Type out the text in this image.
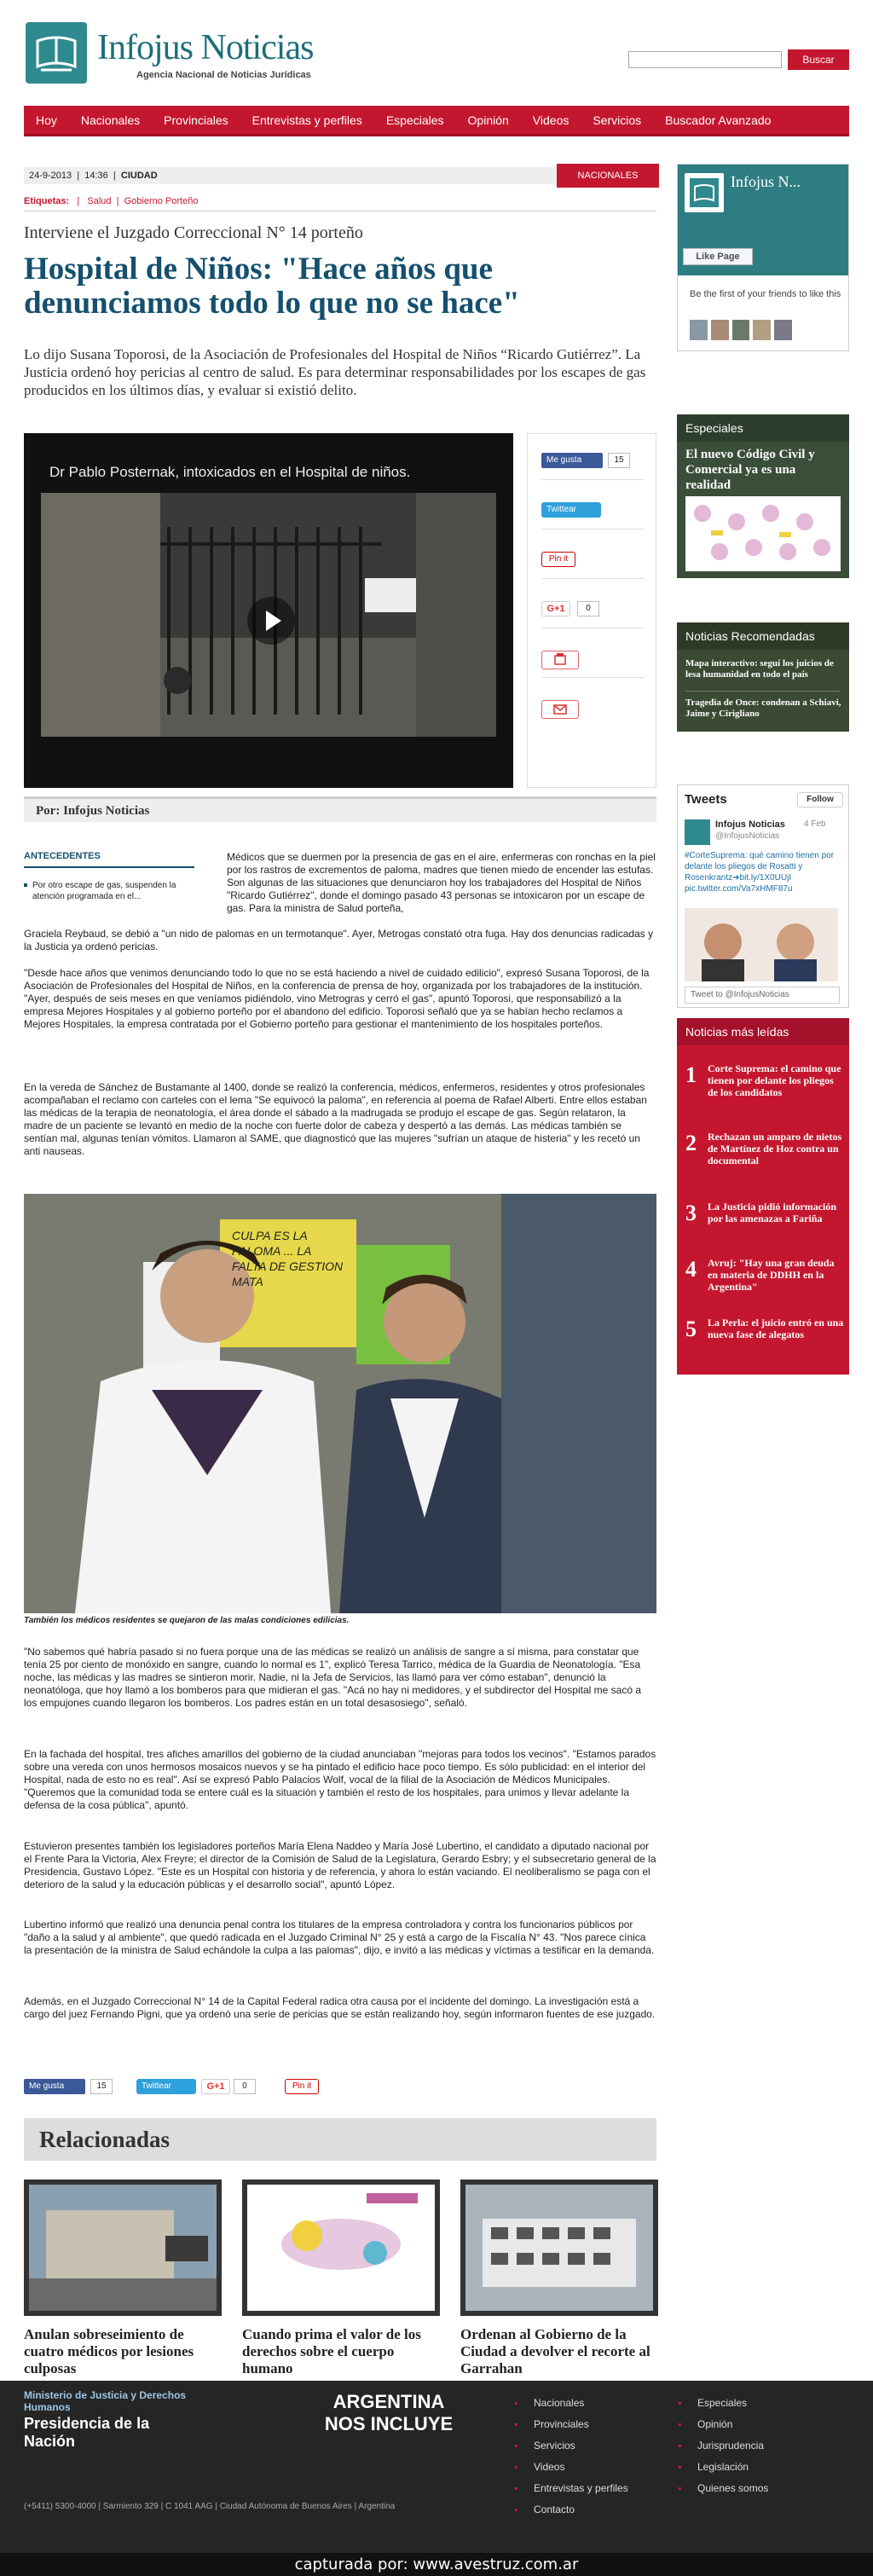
Infojus Noticias
Agencia Nacional de Noticias Jurídicas
Buscar
Hoy	Nacionales	Provinciales	Entrevistas y perfiles	Especiales	Opinión	Videos	Servicios	Buscador Avanzado
24-9-2013  |  14:36  |  CIUDAD	NACIONALES
Etiquetas:   |   Salud  |  Gobierno Porteño
Interviene el Juzgado Correccional N° 14 porteño
Hospital de Niños: "Hace años que denunciamos todo lo que no se hace"

Lo dijo Susana Toporosi, de la Asociación de Profesionales del Hospital de Niños “Ricardo Gutiérrez”. La Justicia ordenó hoy pericias al centro de salud. Es para determinar responsabilidades por los escapes de gas producidos en los últimos días, y evaluar si existió delito.

Dr Pablo Posternak, intoxicados en el Hospital de niños.
Me gusta	15
Twittear
Pin it
G+1	0
Por: Infojus Noticias
ANTECEDENTES
Por otro escape de gas, suspenden la atención programada en el...

Médicos que se duermen por la presencia de gas en el aire, enfermeras con ronchas en la piel por los rastros de excrementos de paloma, madres que tienen miedo de encender las estufas. Son algunas de las situaciones que denunciaron hoy los trabajadores del Hospital de Niños "Ricardo Gutiérrez", donde el domingo pasado 43 personas se intoxicaron por un escape de gas. Para la ministra de Salud porteña,

Graciela Reybaud, se debió a "un nido de palomas en un termotanque". Ayer, Metrogas constató otra fuga. Hay dos denuncias radicadas y la Justicia ya ordenó pericias.

"Desde hace años que venimos denunciando todo lo que no se está haciendo a nivel de cuidado edilicio", expresó Susana Toporosi, de la Asociación de Profesionales del Hospital de Niños, en la conferencia de prensa de hoy, organizada por los trabajadores de la institución. "Ayer, después de seis meses en que veníamos pidiéndolo, vino Metrogras y cerró el gas", apuntó Toporosi, que responsabilizó a la empresa Mejores Hospitales y al gobierno porteño por el abandono del edificio. Toporosi señaló que ya se habían hecho reclamos a Mejores Hospitales, la empresa contratada por el Gobierno porteño para gestionar el mantenimiento de los hospitales porteños.

En la vereda de Sánchez de Bustamante al 1400, donde se realizó la conferencia, médicos, enfermeros, residentes y otros profesionales acompañaban el reclamo con carteles con el lema "Se equivocó la paloma", en referencia al poema de Rafael Alberti. Entre ellos estaban las médicas de la terapia de neonatología, el área donde el sábado a la madrugada se produjo el escape de gas. Según relataron, la madre de un paciente se levantó en medio de la noche con fuerte dolor de cabeza y despertó a las demás. Las médicas también se sentían mal, algunas tenían vómitos. Llamaron al SAME, que diagnosticó que las mujeres "sufrían un ataque de histeria" y les recetó un anti nauseas.

CULPA ES LA PALOMA ... LA FALTA DE GESTION MATA
También los médicos residentes se quejaron de las malas condiciones edilicias.

"No sabemos qué habría pasado si no fuera porque una de las médicas se realizó un análisis de sangre a sí misma, para constatar que tenía 25 por ciento de monóxido en sangre, cuando lo normal es 1", explicó Teresa Tarrico, médica de la Guardia de Neonatología. "Esa noche, las médicas y las madres se sintieron morir. Nadie, ni la Jefa de Servicios, las llamó para ver cómo estaban", denunció la neonatóloga, que hoy llamó a los bomberos para que midieran el gas. "Acá no hay ni medidores, y el subdirector del Hospital me sacó a los empujones cuando llegaron los bomberos. Los padres están en un total desasosiego", señaló.

En la fachada del hospital, tres afiches amarillos del gobierno de la ciudad anunciaban "mejoras para todos los vecinos". "Estamos parados sobre una vereda con unos hermosos mosaicos nuevos y se ha pintado el edificio hace poco tiempo. Es sólo publicidad: en el interior del Hospital, nada de esto no es real". Así se expresó Pablo Palacios Wolf, vocal de la filial de la Asociación de Médicos Municipales. "Queremos que la comunidad toda se entere cuál es la situación y también el resto de los hospitales, para unimos y llevar adelante la defensa de la cosa pública", apuntó.

Estuvieron presentes también los legisladores porteños María Elena Naddeo y María José Lubertino, el candidato a diputado nacional por el Frente Para la Victoria, Alex Freyre; el director de la Comisión de Salud de la Legislatura, Gerardo Esbry; y el subsecretario general de la Presidencia, Gustavo López. "Este es un Hospital con historia y de referencia, y ahora lo están vaciando. El neoliberalismo se paga con el deterioro de la salud y la educación públicas y el desarrollo social", apuntó López.

Lubertino informó que realizó una denuncia penal contra los titulares de la empresa controladora y contra los funcionarios públicos por "daño a la salud y al ambiente", que quedó radicada en el Juzgado Criminal N° 25 y está a cargo de la Fiscalía N° 43. "Nos parece cínica la presentación de la ministra de Salud echándole la culpa a las palomas", dijo, e invitó a las médicas y víctimas a testificar en la demanda.

Además, en el Juzgado Correccional N° 14 de la Capital Federal radica otra causa por el incidente del domingo. La investigación está a cargo del juez Fernando Pigni, que ya ordenó una serie de pericias que se están realizando hoy, según informaron fuentes de ese juzgado.

Me gusta	15	Twittear	G+1	0	Pin it
Relacionadas
Anulan sobreseimiento de cuatro médicos por lesiones culposas
Cuando prima el valor de los derechos sobre el cuerpo humano
Ordenan al Gobierno de la Ciudad a devolver el recorte al Garrahan
Infojus N...
Like Page
Be the first of your friends to like this
Especiales
El nuevo Código Civil y Comercial ya es una realidad
Noticias Recomendadas
Mapa interactivo: seguí los juicios de lesa humanidad en todo el país
Tragedia de Once: condenan a Schiavi, Jaime y Cirigliano
Tweets	Follow
Infojus Noticias 4 Feb
@InfojusNoticias
#CorteSuprema: qué camino tienen por delante los pliegos de Rosatti y Rosenkrantz➔bit.ly/1X0UUjI pic.twitter.com/Va7xHMF87u
Tweet to @InfojusNoticias
Noticias más leídas
1 Corte Suprema: el camino que tienen por delante los pliegos de los candidatos
2 Rechazan un amparo de nietos de Martínez de Hoz contra un documental
3 La Justicia pidió información por las amenazas a Fariña
4 Avruj: "Hay una gran deuda en materia de DDHH en la Argentina"
5 La Perla: el juicio entró en una nueva fase de alegatos
Ministerio de Justicia y Derechos Humanos
Presidencia de la Nación
ARGENTINA
NOS INCLUYE
Nacionales
Provinciales
Servicios
Videos
Entrevistas y perfiles
Contacto
Especiales
Opinión
Jurisprudencia
Legislación
Quienes somos
(+5411) 5300-4000 | Sarmiento 329 | C 1041 AAG | Ciudad Autónoma de Buenos Aires | Argentina
capturada por: www.avestruz.com.ar
